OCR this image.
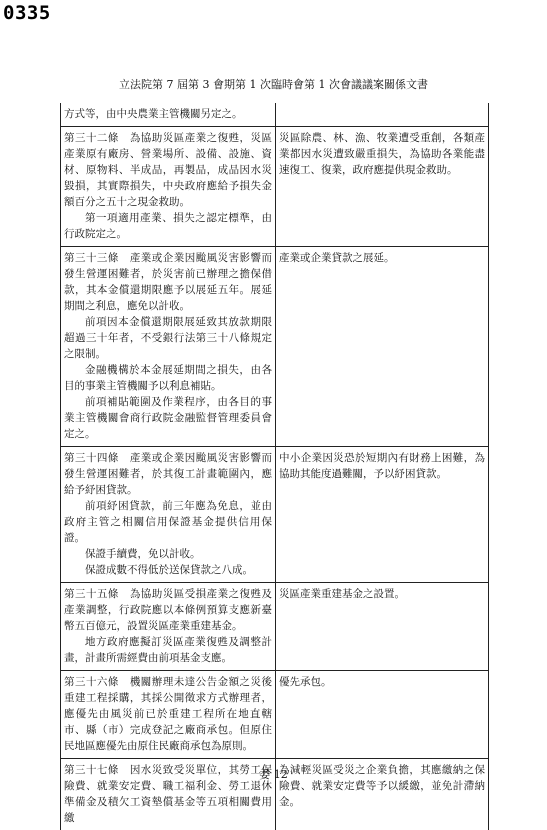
0335
立法院第 7 屆第 3 會期第 1 次臨時會第 1 次會議議案關係文書

方式等，由中央農業主管機關另定之。	

第三十二條　為協助災區產業之復甦，災區產業原有廠房、營業場所、設備、設施、資材、原物料、半成品，再製品，成品因水災毀損，其實際損失，中央政府應給予損失金額百分之五十之現金救助。

第一項適用產業、損失之認定標準，由行政院定之。	災區除農、林、漁、牧業遭受重創，各類產業都因水災遭致嚴重損失，為協助各業能盡速復工、復業，政府應提供現金救助。

第三十三條　產業或企業因颱風災害影響而發生營運困難者，於災害前已辦理之擔保借款，其本金償還期限應予以展延五年。展延期間之利息，應免以計收。

前項因本金償還期限展延致其放款期限超過三十年者，不受銀行法第三十八條規定之限制。

金融機構於本金展延期間之損失，由各目的事業主管機關予以利息補貼。

前項補貼範圍及作業程序，由各目的事業主管機關會商行政院金融監督管理委員會定之。	產業或企業貸款之展延。

第三十四條　產業或企業因颱風災害影響而發生營運困難者，於其復工計畫範圍內，應給予紓困貸款。

前項紓困貸款，前三年應為免息，並由政府主管之相關信用保證基金提供信用保證。

保證手續費，免以計收。

保證成數不得低於送保貸款之八成。	中小企業因災恐於短期內有財務上困難，為協助其能度過難關，予以紓困貸款。

第三十五條　為協助災區受損產業之復甦及產業調整，行政院應以本條例預算支應新臺幣五百億元，設置災區產業重建基金。

地方政府應擬訂災區產業復甦及調整計畫，計畫所需經費由前項基金支應。	災區產業重建基金之設置。

第三十六條　機關辦理未達公告金額之災後重建工程採購，其採公開徵求方式辦理者，應優先由風災前已於重建工程所在地直轄市、縣（市）完成登記之廠商承包。但原住民地區應優先由原住民廠商承包為原則。	優先承包。

第三十七條　因水災致受災單位，其勞工保險費、就業安定費、職工福利金、勞工退休準備金及積欠工資墊償基金等五項相關費用繳	為減輕災區受災之企業負擔，其應繳納之保險費、就業安定費等予以緩繳，並免計滯納金。

委 12
